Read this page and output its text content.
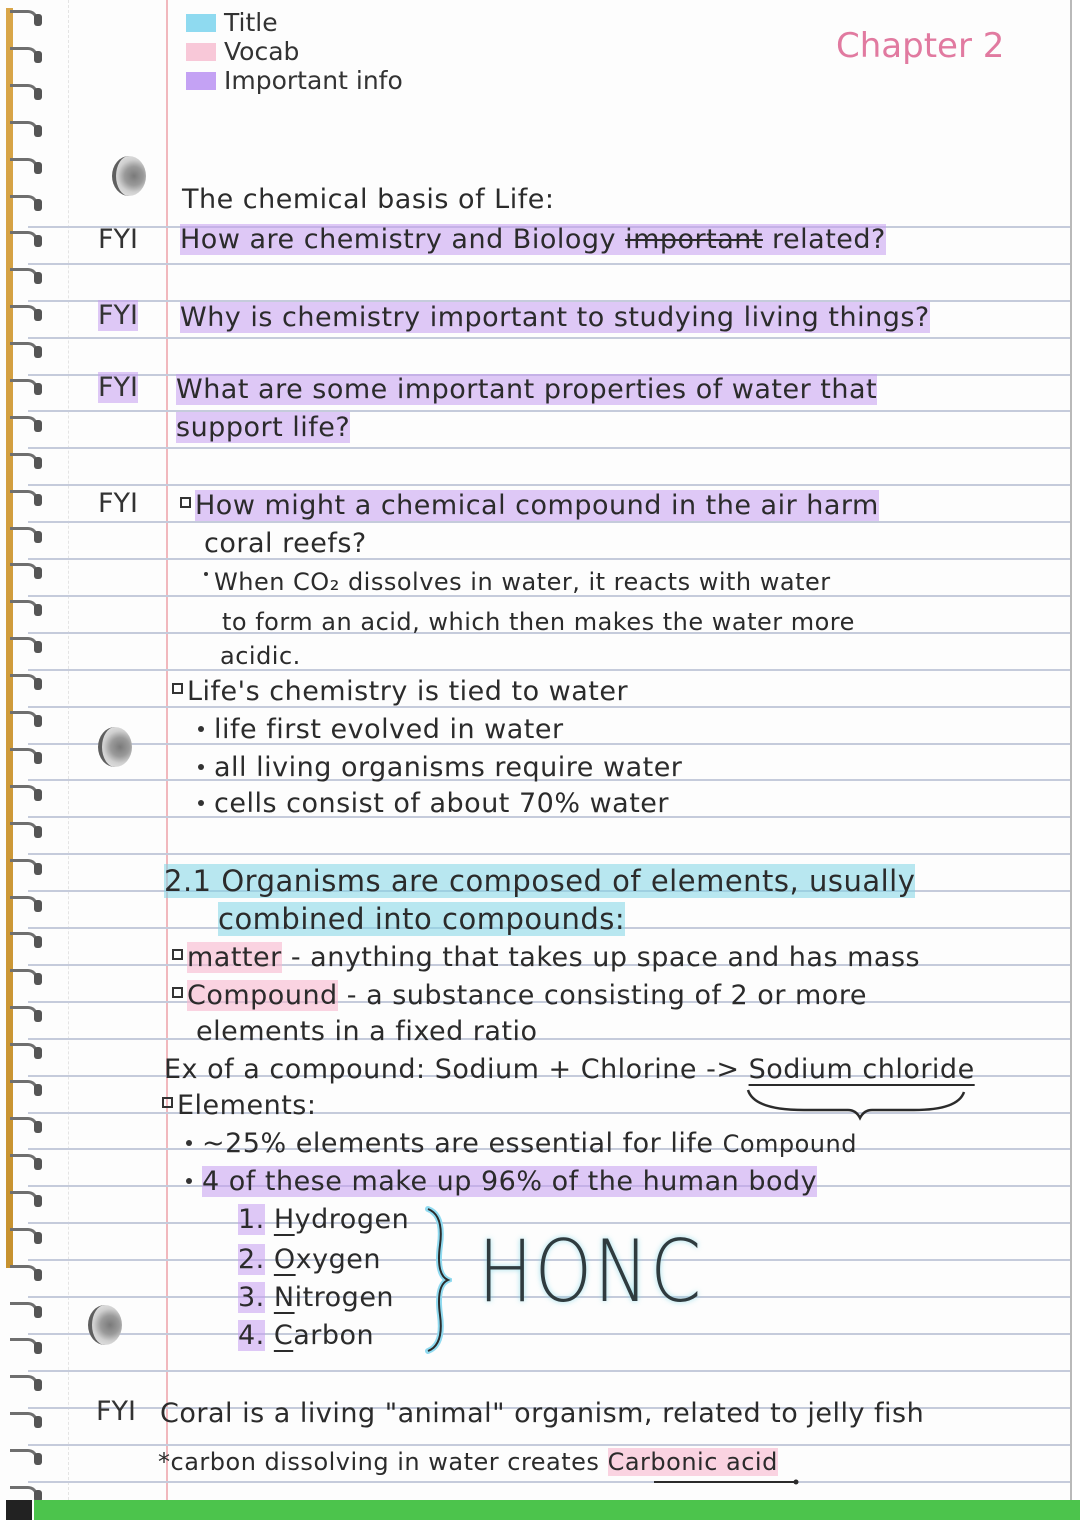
Title
Vocab
Important info
Chapter 2
The chemical basis of Life:
FYI How are chemistry and Biology important related?
FYI Why is chemistry important to studying living things?
FYI What are some important properties of water that
support life?
FYI	How might a chemical compound in the air harm
coral reefs?
When CO₂ dissolves in water, it reacts with water
to form an acid, which then makes the water more
acidic.
Life's chemistry is tied to water
life first evolved in water
all living organisms require water
cells consist of about 70% water
2.1 Organisms are composed of elements, usually
combined into compounds:
matter - anything that takes up space and has mass
Compound - a substance consisting of 2 or more
elements in a fixed ratio
Ex of a compound: Sodium + Chlorine -> Sodium chloride
Elements:
~25% elements are essential for life Compound
4 of these make up 96% of the human body
1. Hydrogen
2. Oxygen
3. Nitrogen
4. Carbon
HONC
FYI Coral is a living "animal" organism, related to jelly fish
*carbon dissolving in water creates Carbonic acid
